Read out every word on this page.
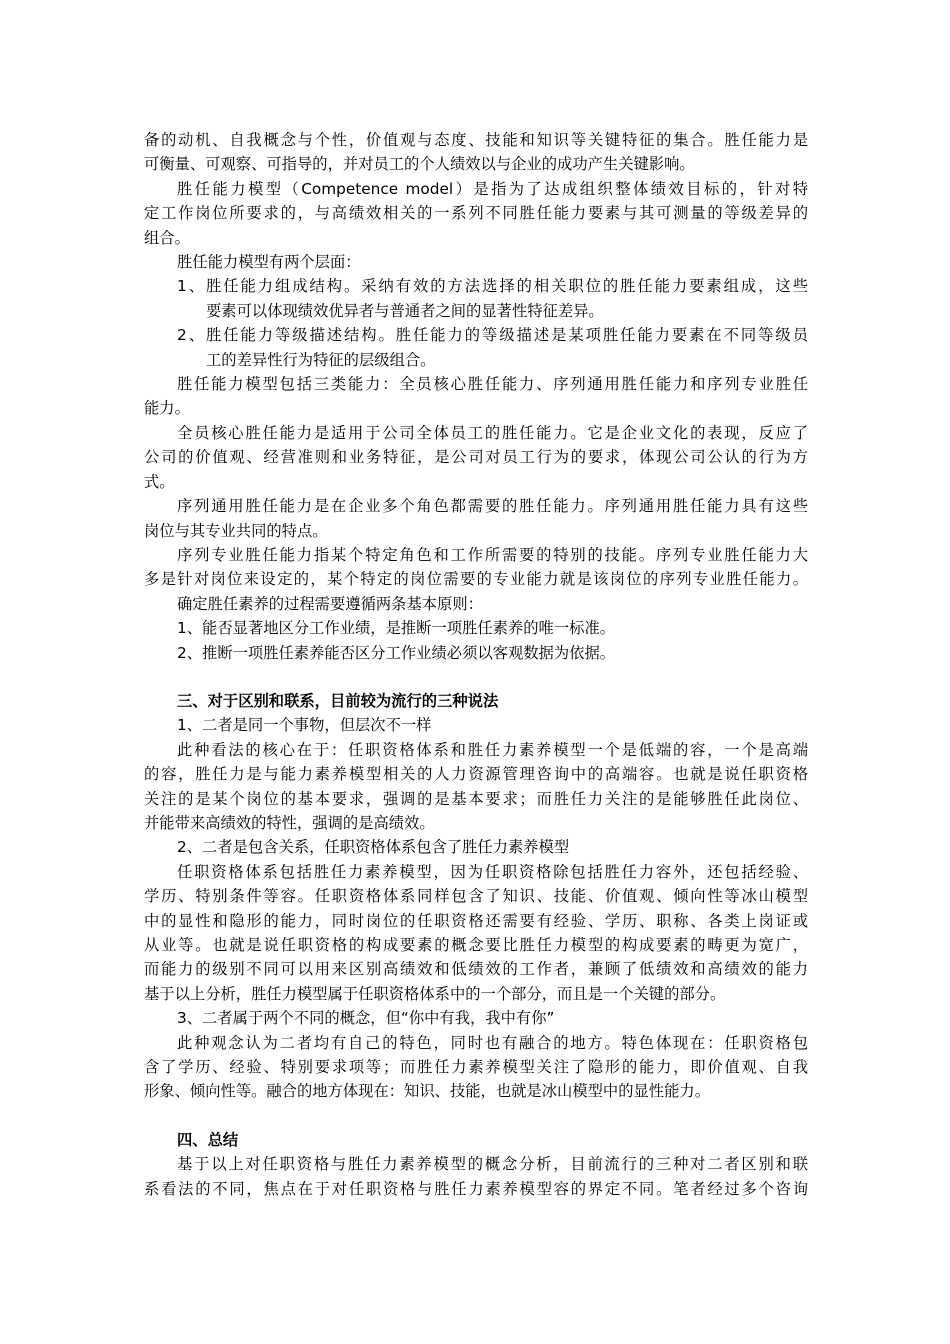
备的动机、自我概念与个性，价值观与态度、技能和知识等关键特征的集合。胜任能力是
可衡量、可观察、可指导的，并对员工的个人绩效以与企业的成功产生关键影响。
胜任能力模型（Competence model）是指为了达成组织整体绩效目标的，针对特
定工作岗位所要求的，与高绩效相关的一系列不同胜任能力要素与其可测量的等级差异的
组合。
胜任能力模型有两个层面：
1、胜任能力组成结构。采纳有效的方法选择的相关职位的胜任能力要素组成，这些
要素可以体现绩效优异者与普通者之间的显著性特征差异。
2、胜任能力等级描述结构。胜任能力的等级描述是某项胜任能力要素在不同等级员
工的差异性行为特征的层级组合。
胜任能力模型包括三类能力：全员核心胜任能力、序列通用胜任能力和序列专业胜任
能力。
全员核心胜任能力是适用于公司全体员工的胜任能力。它是企业文化的表现，反应了
公司的价值观、经营准则和业务特征，是公司对员工行为的要求，体现公司公认的行为方
式。
序列通用胜任能力是在企业多个角色都需要的胜任能力。序列通用胜任能力具有这些
岗位与其专业共同的特点。
序列专业胜任能力指某个特定角色和工作所需要的特别的技能。序列专业胜任能力大
多是针对岗位来设定的，某个特定的岗位需要的专业能力就是该岗位的序列专业胜任能力。
确定胜任素养的过程需要遵循两条基本原则：
1、能否显著地区分工作业绩，是推断一项胜任素养的唯一标准。
2、推断一项胜任素养能否区分工作业绩必须以客观数据为依据。
三、对于区别和联系，目前较为流行的三种说法
1、二者是同一个事物，但层次不一样
此种看法的核心在于：任职资格体系和胜任力素养模型一个是低端的容，一个是高端
的容，胜任力是与能力素养模型相关的人力资源管理咨询中的高端容。也就是说任职资格
关注的是某个岗位的基本要求，强调的是基本要求；而胜任力关注的是能够胜任此岗位、
并能带来高绩效的特性，强调的是高绩效。
2、二者是包含关系，任职资格体系包含了胜任力素养模型
任职资格体系包括胜任力素养模型，因为任职资格除包括胜任力容外，还包括经验、
学历、特别条件等容。任职资格体系同样包含了知识、技能、价值观、倾向性等冰山模型
中的显性和隐形的能力，同时岗位的任职资格还需要有经验、学历、职称、各类上岗证或
从业等。也就是说任职资格的构成要素的概念要比胜任力模型的构成要素的畴更为宽广，
而能力的级别不同可以用来区别高绩效和低绩效的工作者，兼顾了低绩效和高绩效的能力
基于以上分析，胜任力模型属于任职资格体系中的一个部分，而且是一个关键的部分。
3、二者属于两个不同的概念，但“你中有我，我中有你”
此种观念认为二者均有自己的特色，同时也有融合的地方。特色体现在：任职资格包
含了学历、经验、特别要求项等；而胜任力素养模型关注了隐形的能力，即价值观、自我
形象、倾向性等。融合的地方体现在：知识、技能，也就是冰山模型中的显性能力。
四、总结
基于以上对任职资格与胜任力素养模型的概念分析，目前流行的三种对二者区别和联
系看法的不同，焦点在于对任职资格与胜任力素养模型容的界定不同。笔者经过多个咨询
